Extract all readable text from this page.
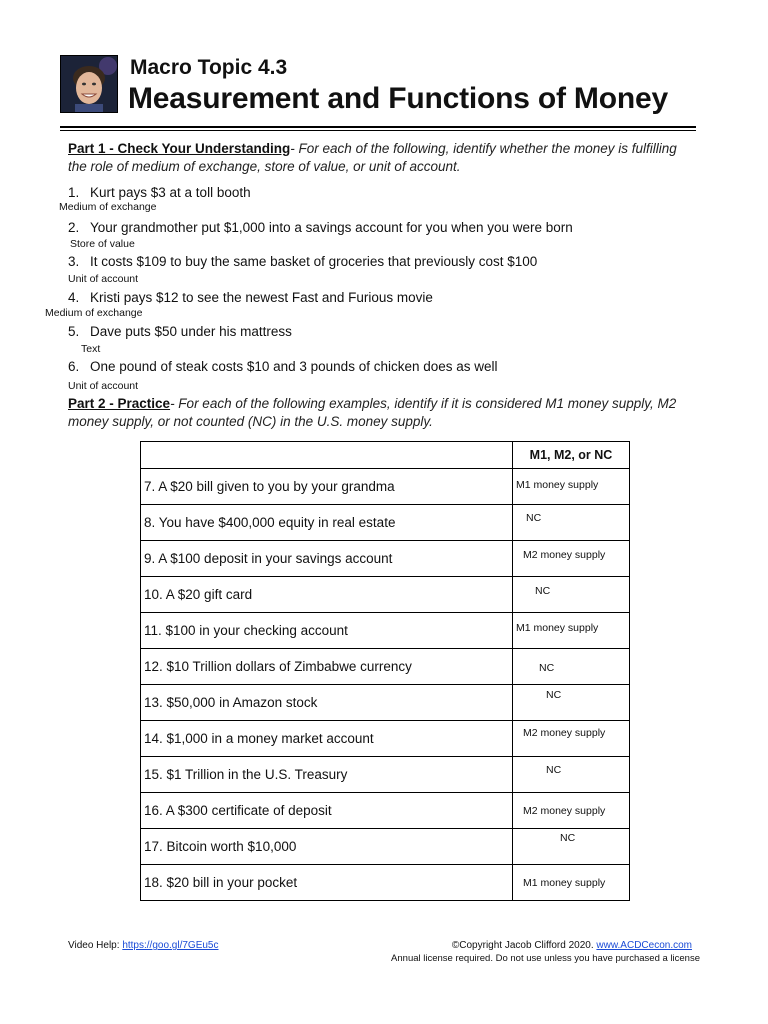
Macro Topic 4.3
Measurement and Functions of Money
Part 1 - Check Your Understanding- For each of the following, identify whether the money is fulfilling the role of medium of exchange, store of value, or unit of account.
1. Kurt pays $3 at a toll booth
Medium of exchange
2. Your grandmother put $1,000 into a savings account for you when you were born
Store of value
3. It costs $109 to buy the same basket of groceries that previously cost $100
Unit of account
4. Kristi pays $12 to see the newest Fast and Furious movie
Medium of exchange
5. Dave puts $50 under his mattress
Text
6. One pound of steak costs $10 and 3 pounds of chicken does as well
Unit of account
Part 2 - Practice- For each of the following examples, identify if it is considered M1 money supply, M2 money supply, or not counted (NC) in the U.S. money supply.
	M1, M2, or NC
7. A $20 bill given to you by your grandma	M1 money supply

8. You have $400,000 equity in real estate	NC

9. A $100 deposit in your savings account	M2 money supply

10. A $20 gift card	NC

11. $100 in your checking account	M1 money supply

12. $10 Trillion dollars of Zimbabwe currency	NC

13. $50,000 in Amazon stock	NC

14. $1,000 in a money market account	M2 money supply

15. $1 Trillion in the U.S. Treasury	NC

16. A $300 certificate of deposit	M2 money supply

17. Bitcoin worth $10,000	NC

18. $20 bill in your pocket	M1 money supply
Video Help: https://goo.gl/7GEu5c	©Copyright Jacob Clifford 2020. www.ACDCecon.com
Annual license required. Do not use unless you have purchased a license
